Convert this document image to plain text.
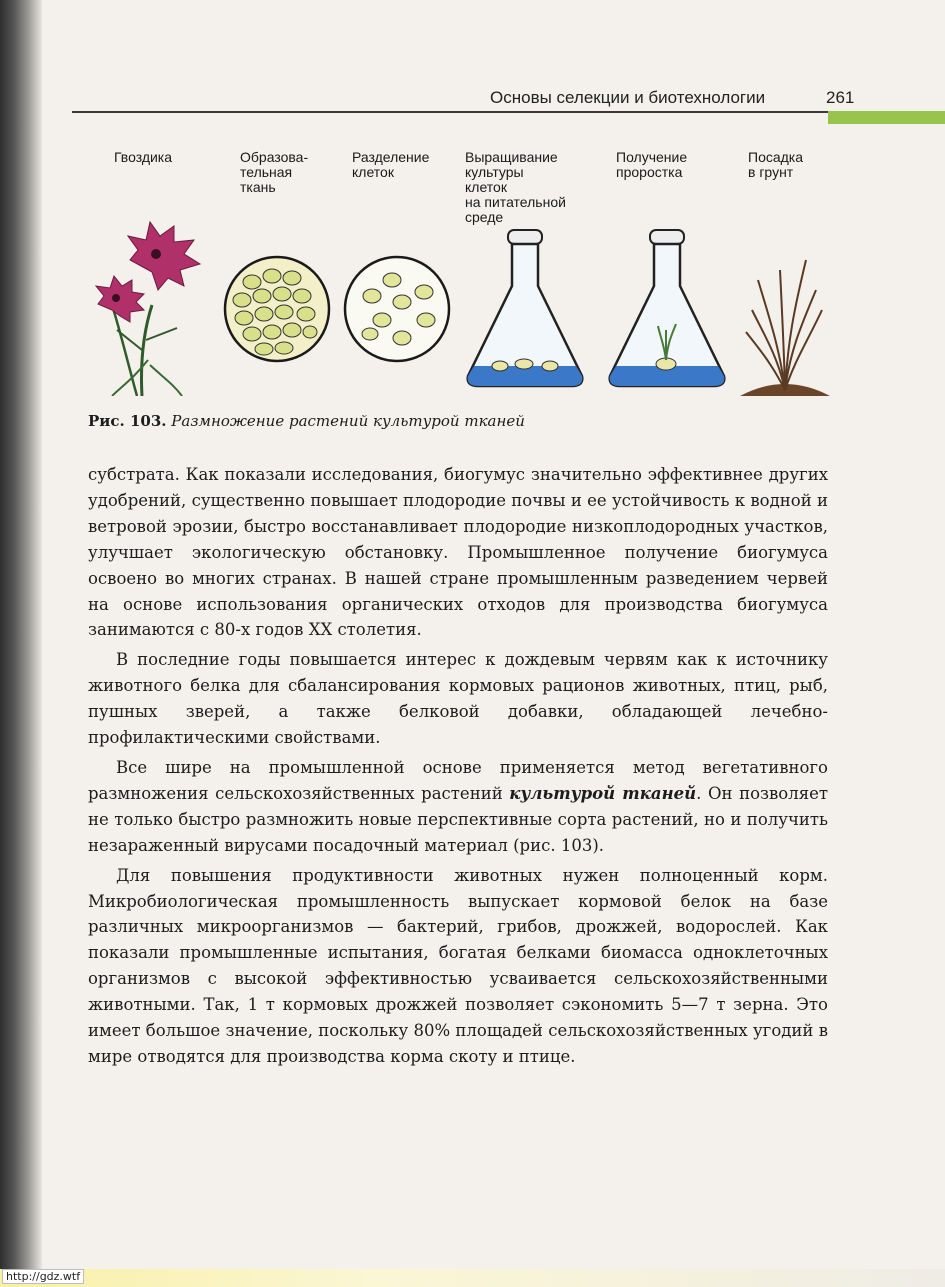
Основы селекции и биотехнологии	261
Гвоздика	Образова-
тельная
ткань
Разделение
клеток
Выращивание
культуры
клеток
на питательной
среде
Получение
проростка
Посадка
в грунт
Рис. 103. Размножение растений культурой тканей

субстрата. Как показали исследования, биогумус значительно эффективнее других удобрений, существенно повышает плодородие почвы и ее устойчивость к водной и ветровой эрозии, быстро восстанавливает плодородие низкоплодородных участков, улучшает экологическую обстановку. Промышленное получение биогумуса освоено во многих странах. В нашей стране промышленным разведением червей на основе использования органических отходов для производства биогумуса занимаются с 80-х годов XX столетия.

В последние годы повышается интерес к дождевым червям как к источнику животного белка для сбалансирования кормовых рационов животных, птиц, рыб, пушных зверей, а также белковой добавки, обладающей лечебно-профилактическими свойствами.

Все шире на промышленной основе применяется метод вегетативного размножения сельскохозяйственных растений культурой тканей. Он позволяет не только быстро размножить новые перспективные сорта растений, но и получить незараженный вирусами посадочный материал (рис. 103).

Для повышения продуктивности животных нужен полноценный корм. Микробиологическая промышленность выпускает кормовой белок на базе различных микроорганизмов — бактерий, грибов, дрожжей, водорослей. Как показали промышленные испытания, богатая белками биомасса одноклеточных организмов с высокой эффективностью усваивается сельскохозяйственными животными. Так, 1 т кормовых дрожжей позволяет сэкономить 5—7 т зерна. Это имеет большое значение, поскольку 80% площадей сельскохозяйственных угодий в мире отводятся для производства корма скоту и птице.

http://gdz.wtf
